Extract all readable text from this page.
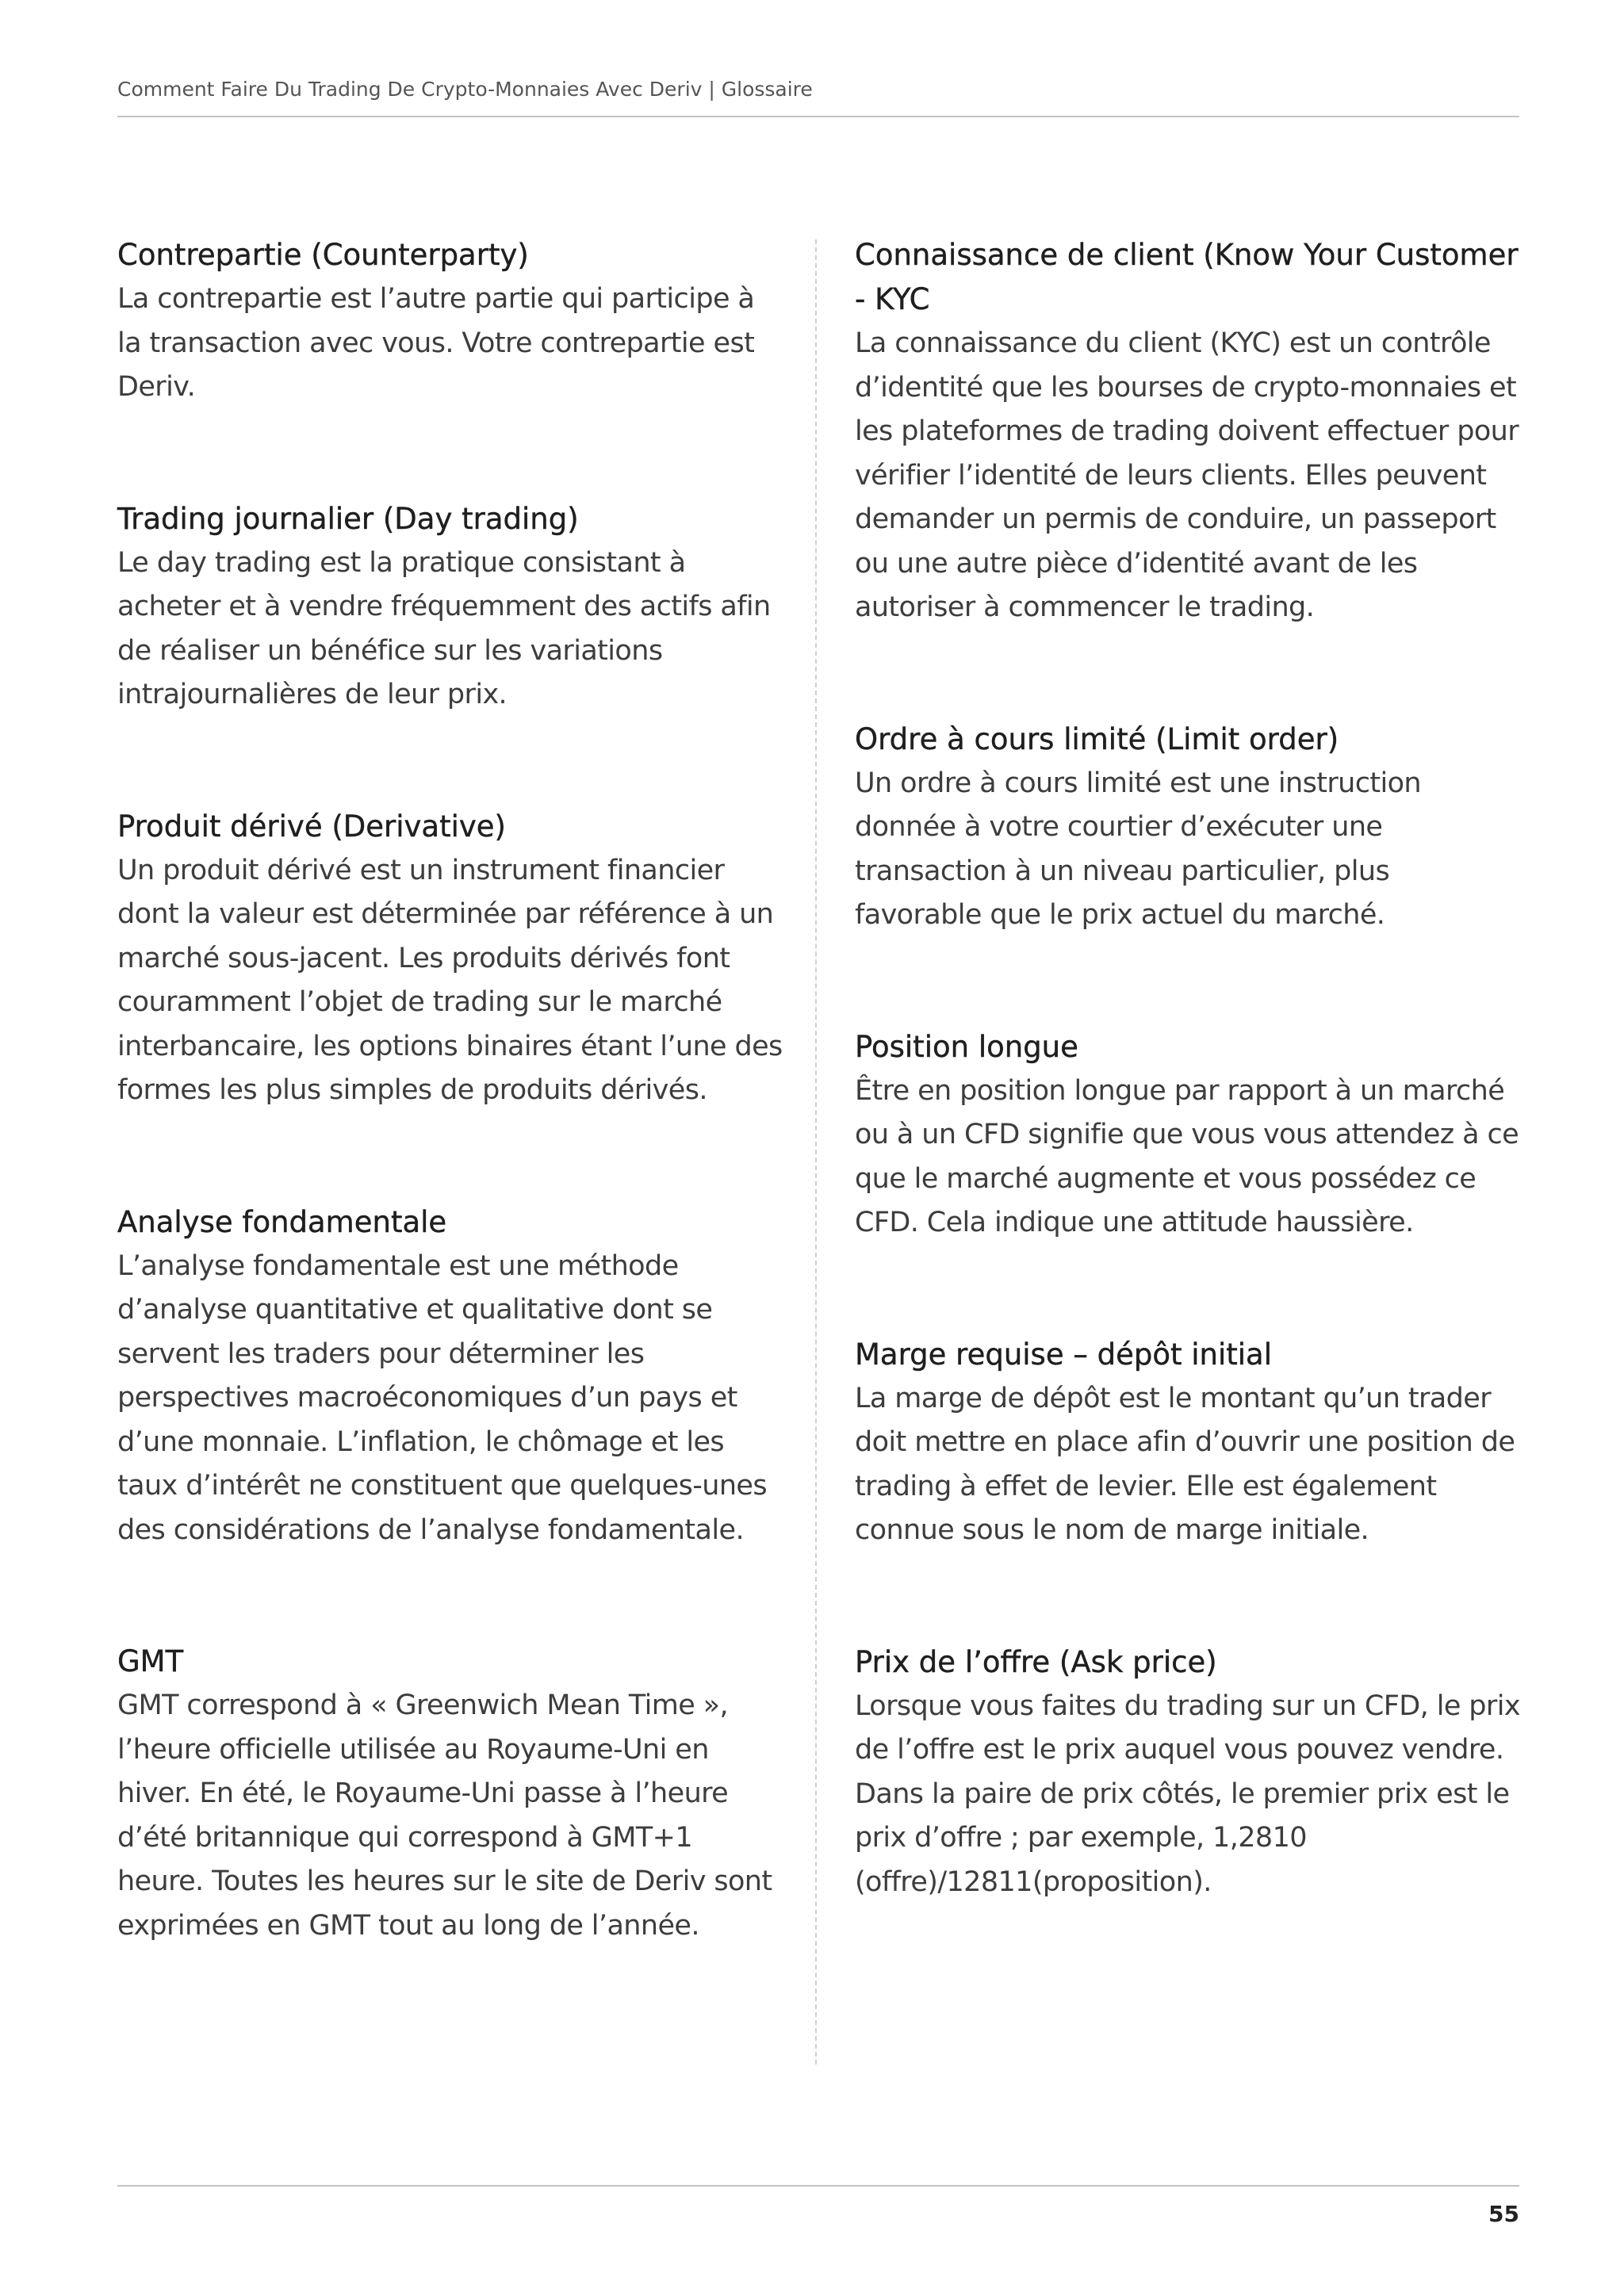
Comment Faire Du Trading De Crypto-Monnaies Avec Deriv | Glossaire

Contrepartie (Counterparty)

La contrepartie est l’autre partie qui participe à la transaction avec vous. Votre contrepartie est Deriv.

Trading journalier (Day trading)

Le day trading est la pratique consistant à acheter et à vendre fréquemment des actifs afin de réaliser un bénéfice sur les variations intrajournalières de leur prix.

Produit dérivé (Derivative)

Un produit dérivé est un instrument financier dont la valeur est déterminée par référence à un marché sous-jacent. Les produits dérivés font couramment l’objet de trading sur le marché interbancaire, les options binaires étant l’une des formes les plus simples de produits dérivés.

Analyse fondamentale

L’analyse fondamentale est une méthode d’analyse quantitative et qualitative dont se servent les traders pour déterminer les perspectives macroéconomiques d’un pays et d’une monnaie. L’inflation, le chômage et les taux d’intérêt ne constituent que quelques-unes des considérations de l’analyse fondamentale.

GMT

GMT correspond à « Greenwich Mean Time », l’heure officielle utilisée au Royaume-Uni en hiver. En été, le Royaume-Uni passe à l’heure d’été britannique qui correspond à GMT+1 heure. Toutes les heures sur le site de Deriv sont exprimées en GMT tout au long de l’année.

Connaissance de client (Know Your Customer - KYC

La connaissance du client (KYC) est un contrôle d’identité que les bourses de crypto-monnaies et les plateformes de trading doivent effectuer pour vérifier l’identité de leurs clients. Elles peuvent demander un permis de conduire, un passeport ou une autre pièce d’identité avant de les autoriser à commencer le trading.

Ordre à cours limité (Limit order)

Un ordre à cours limité est une instruction donnée à votre courtier d’exécuter une transaction à un niveau particulier, plus favorable que le prix actuel du marché.

Position longue

Être en position longue par rapport à un marché ou à un CFD signifie que vous vous attendez à ce que le marché augmente et vous possédez ce CFD. Cela indique une attitude haussière.

Marge requise – dépôt initial

La marge de dépôt est le montant qu’un trader doit mettre en place afin d’ouvrir une position de trading à effet de levier. Elle est également connue sous le nom de marge initiale.

Prix de l’offre (Ask price)

Lorsque vous faites du trading sur un CFD, le prix de l’offre est le prix auquel vous pouvez vendre. Dans la paire de prix côtés, le premier prix est le prix d’offre ; par exemple, 1,2810 (offre)/12811(proposition).

55
